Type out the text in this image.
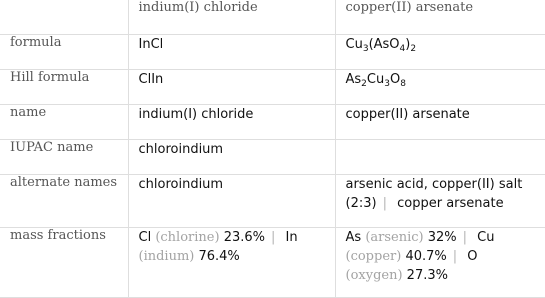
	indium(I) chloride	copper(II) arsenate
formula	InCl	$Cu_3(AsO_4)_2$
Hill formula	ClIn	$As_2Cu_3O_8$
name	indium(I) chloride	copper(II) arsenate
IUPAC name	chloroindium	
alternate names	chloroindium	arsenic acid, copper(II) salt (2:3) | copper arsenate
mass fractions	Cl (chlorine) 23.6% | In (indium) 76.4%	As (arsenic) 32% | Cu (copper) 40.7% | O (oxygen) 27.3%
